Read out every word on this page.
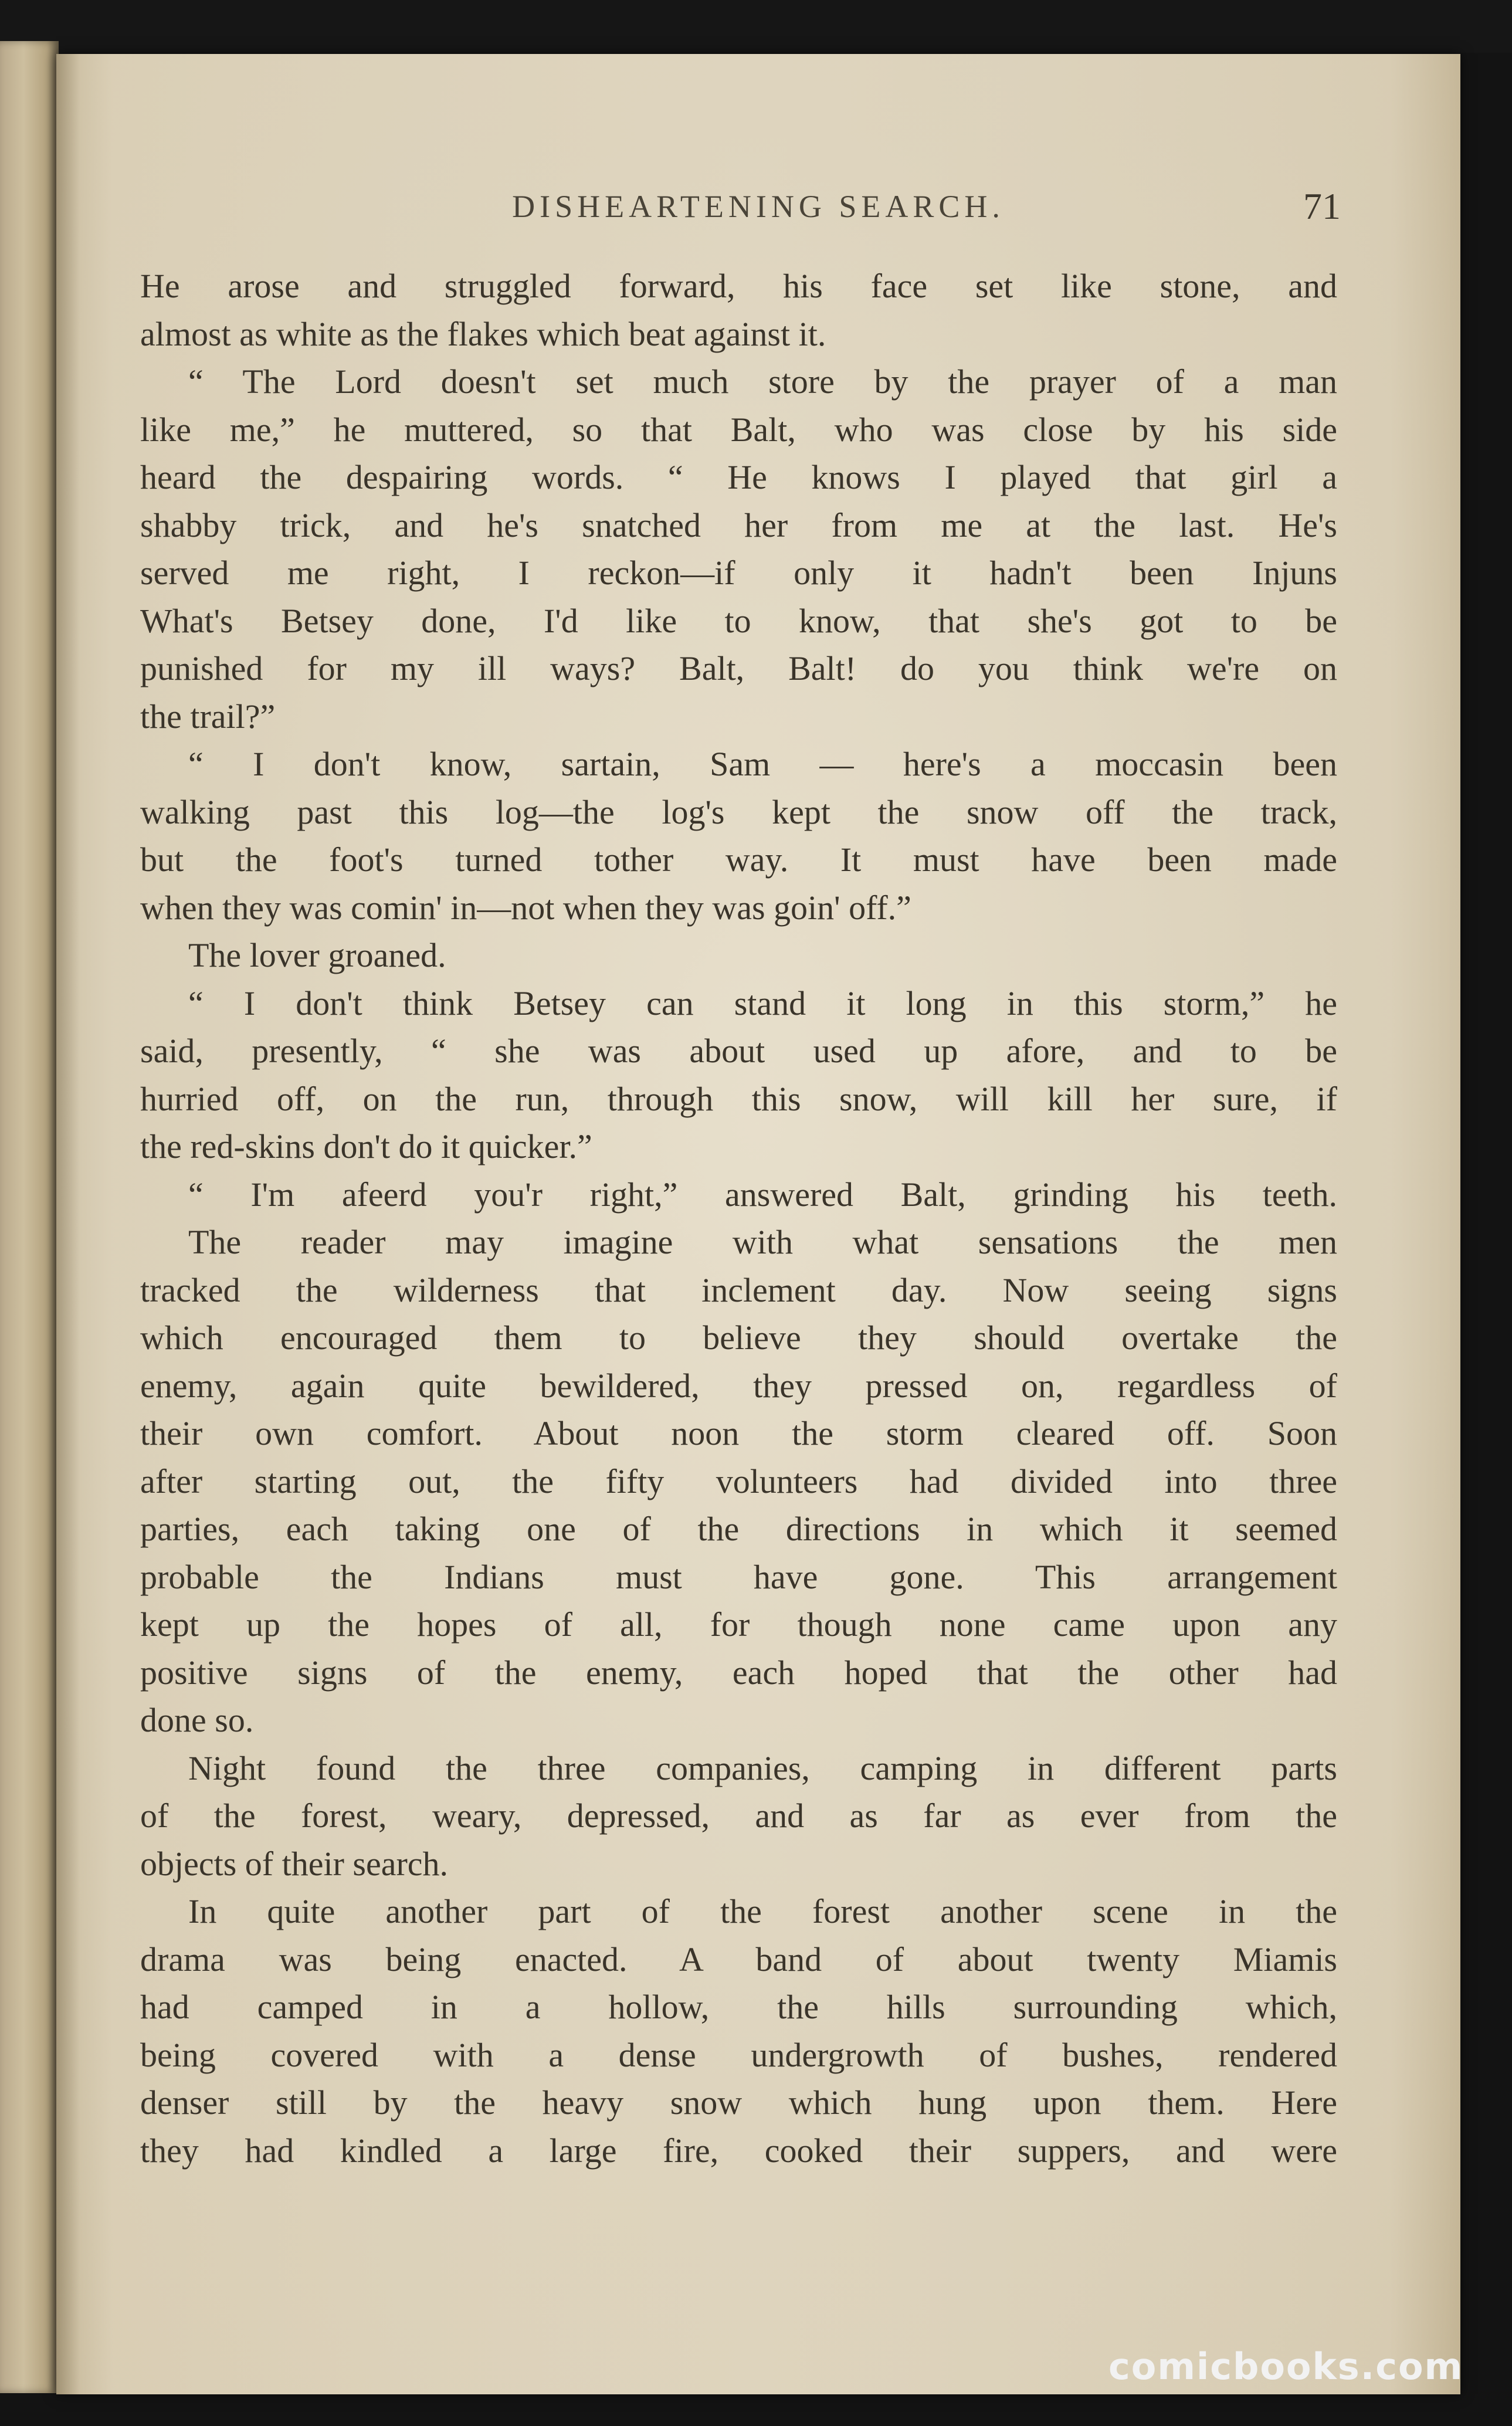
DISHEARTENING SEARCH.	71
He arose and struggled forward, his face set like stone, and
almost as white as the flakes which beat against it.
“ The Lord doesn't set much store by the prayer of a man
like me,” he muttered, so that Balt, who was close by his side
heard the despairing words. “ He knows I played that girl a
shabby trick, and he's snatched her from me at the last. He's
served me right, I reckon—if only it hadn't been Injuns
What's Betsey done, I'd like to know, that she's got to be
punished for my ill ways? Balt, Balt! do you think we're on
the trail?”
“ I don't know, sartain, Sam — here's a moccasin been
walking past this log—the log's kept the snow off the track,
but the foot's turned tother way. It must have been made
when they was comin' in—not when they was goin' off.”
The lover groaned.
“ I don't think Betsey can stand it long in this storm,” he
said, presently, “ she was about used up afore, and to be
hurried off, on the run, through this snow, will kill her sure, if
the red-skins don't do it quicker.”
“ I'm afeerd you'r right,” answered Balt, grinding his teeth.
The reader may imagine with what sensations the men
tracked the wilderness that inclement day. Now seeing signs
which encouraged them to believe they should overtake the
enemy, again quite bewildered, they pressed on, regardless of
their own comfort. About noon the storm cleared off. Soon
after starting out, the fifty volunteers had divided into three
parties, each taking one of the directions in which it seemed
probable the Indians must have gone. This arrangement
kept up the hopes of all, for though none came upon any
positive signs of the enemy, each hoped that the other had
done so.
Night found the three companies, camping in different parts
of the forest, weary, depressed, and as far as ever from the
objects of their search.
In quite another part of the forest another scene in the
drama was being enacted. A band of about twenty Miamis
had camped in a hollow, the hills surrounding which,
being covered with a dense undergrowth of bushes, rendered
denser still by the heavy snow which hung upon them. Here
they had kindled a large fire, cooked their suppers, and were
comicbooks.com
